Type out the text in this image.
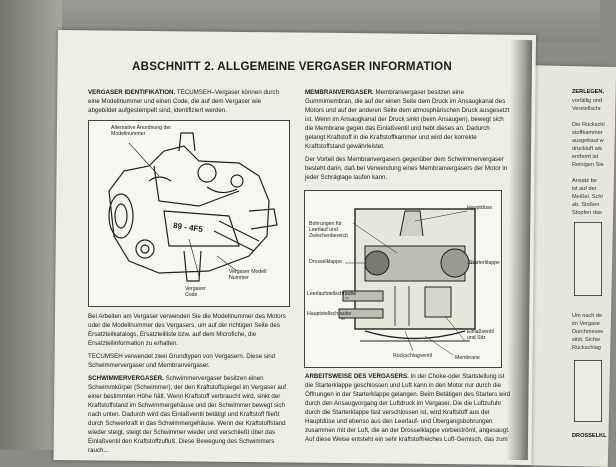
ABSCHNITT 2. ALLGEMEINE VERGASER INFORMATION

VERGASER IDENTIFIKATION. TECUMSEH–Vergaser können durch eine Modellnummer und einen Code, die auf dem Vergaser wie abgebildet aufgestempelt sind, identifiziert werden.

Alternative Anordnung der Modellnummer
89 - 4F5
Vergaser Modell Nummer
Vergaser Code

Bei Arbeiten am Vergaser verwenden Sie die Modellnummer des Motors oder die Modellnummer des Vergasers, um auf der richtigen Seite des Ersatzteilkatalogs, Ersatzteilliste bzw. auf dem Microfiche, die Ersatzteilinformation zu erhalten.

TECUMSEH verwendet zwei Grundtypen von Vergasern. Diese sind Schwimmervergaser und Membranvergaser.

SCHWIMMERVERGASER. Schwimmervergaser besitzen einen Schwimmkörper (Schwimmer), der den Kraftstoffspiegel im Vergaser auf einer bestimmten Höhe hält. Wenn Kraftstoff verbraucht wird, sinkt der Kraftstoffstand im Schwimmergehäuse und der Schwimmer bewegt sich nach unten. Dadurch wird das Einlaßventil betätigt und Kraftstoff fließt durch Schwerkraft in das Schwimmergehäuse. Wenn der Kraftstoffstand wieder steigt, steigt der Schwimmer wieder und verschließt über das Einlaßventil den Kraftstoffzufluß. Diese Bewegung des Schwimmers rauch...

MEMBRANVERGASER. Membranvergaser besitzen eine Gummimembran, die auf der einen Seite dem Druck im Ansaugkanal des Motors und auf der anderen Seite dem atmosphärischen Druck ausgesetzt ist. Wenn im Ansaugkanal der Druck sinkt (beim Ansaugen), bewegt sich die Membrane gegen das Einlaßventil und hebt dieses an. Dadurch gelangt Kraftstoff in die Kraftstoffkammer und wird der korrekte Kraftstoffstand gewährleistet.

Der Vorteil des Membranvergasers gegenüber dem Schwimmervergaser besteht darin, daß bei Verwendung eines Membranvergasers der Motor in jeder Schräglage laufen kann.

Bohrungen für Leerlauf und Zwischenbereich
Hauptdüse
Drosselklappe	Starterklappe
Leerlaufstellschraube
Hauptstellschraube
Rückschlagventil
Einlaßventil und Sitz
Membrane

ARBEITSWEISE DES VERGASERS. In der Choke-oder Startstellung ist die Starterklappe geschlossen und Luft kann in den Motor nur durch die Öffnungen in der Starterklappe gelangen. Beim Betätigen des Starters wird durch den Ansaugvorgang der Luftdruck im Vergaser. Die die Luftzufuhr durch die Starterklappe fast verschlossen ist, wird Kraftstoff aus der Hauptdüse und ebenso aus den Leerlauf- und Übergangsbohrungen zusammen mit der Luft, die an der Drosselklappe vorbeiströmt, angesaugt. Auf diese Weise entsteht ein sehr kraftstoffreiches Luft-Gemisch, das zum

ZERLEGEN,
vorfällig und
Verstellschr
Die Rückschl
stoffkammer
ausgebaut w
druckluft wä
entfernt ist
Reinigen Sie
Ansatz be
ist auf der
Meißel. Schi
ab. Stoßen
Stopfen das
Um nach de
im Vergase
Durchmesse
sitzt. Sichw
Rückschlag
DROSSELKL
